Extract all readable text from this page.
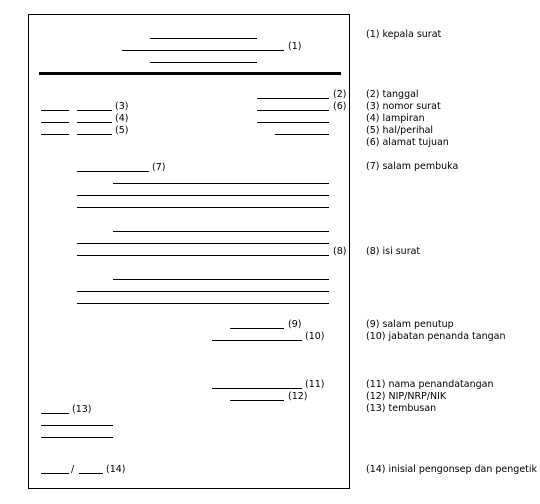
(1)
(2)
(3)	(6)
(4)
(5)
(7)
(8)
(9)
(10)
(11)
(12)
(13)
/	(14)
(1) kepala surat
(2) tanggal
(3) nomor surat
(4) lampiran
(5) hal/perihal
(6) alamat tujuan
(7) salam pembuka
(8) isi surat
(9) salam penutup
(10) jabatan penanda tangan
(11) nama penandatangan
(12) NIP/NRP/NIK
(13) tembusan
(14) inisial pengonsep dan pengetik
